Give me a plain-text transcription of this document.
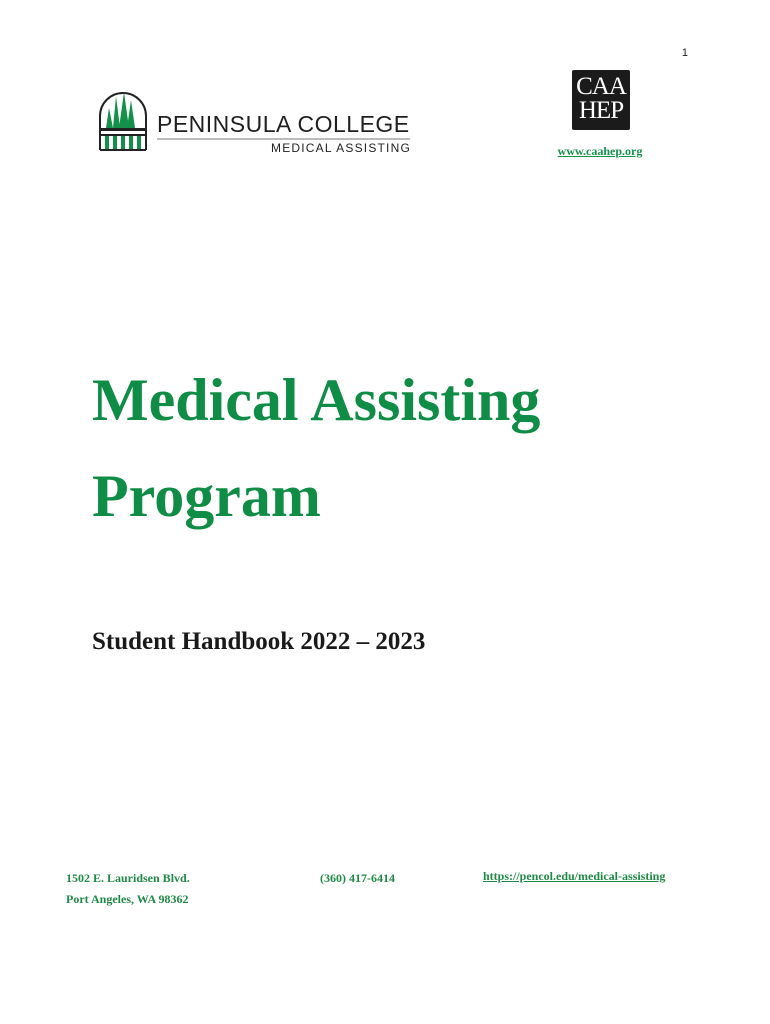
1
PENINSULA COLLEGE
MEDICAL ASSISTING
CAA
HEP
www.caahep.org
Medical Assisting
Program
Student Handbook 2022 – 2023
1502 E. Lauridsen Blvd.
Port Angeles, WA 98362
(360) 417-6414	https://pencol.edu/medical-assisting
